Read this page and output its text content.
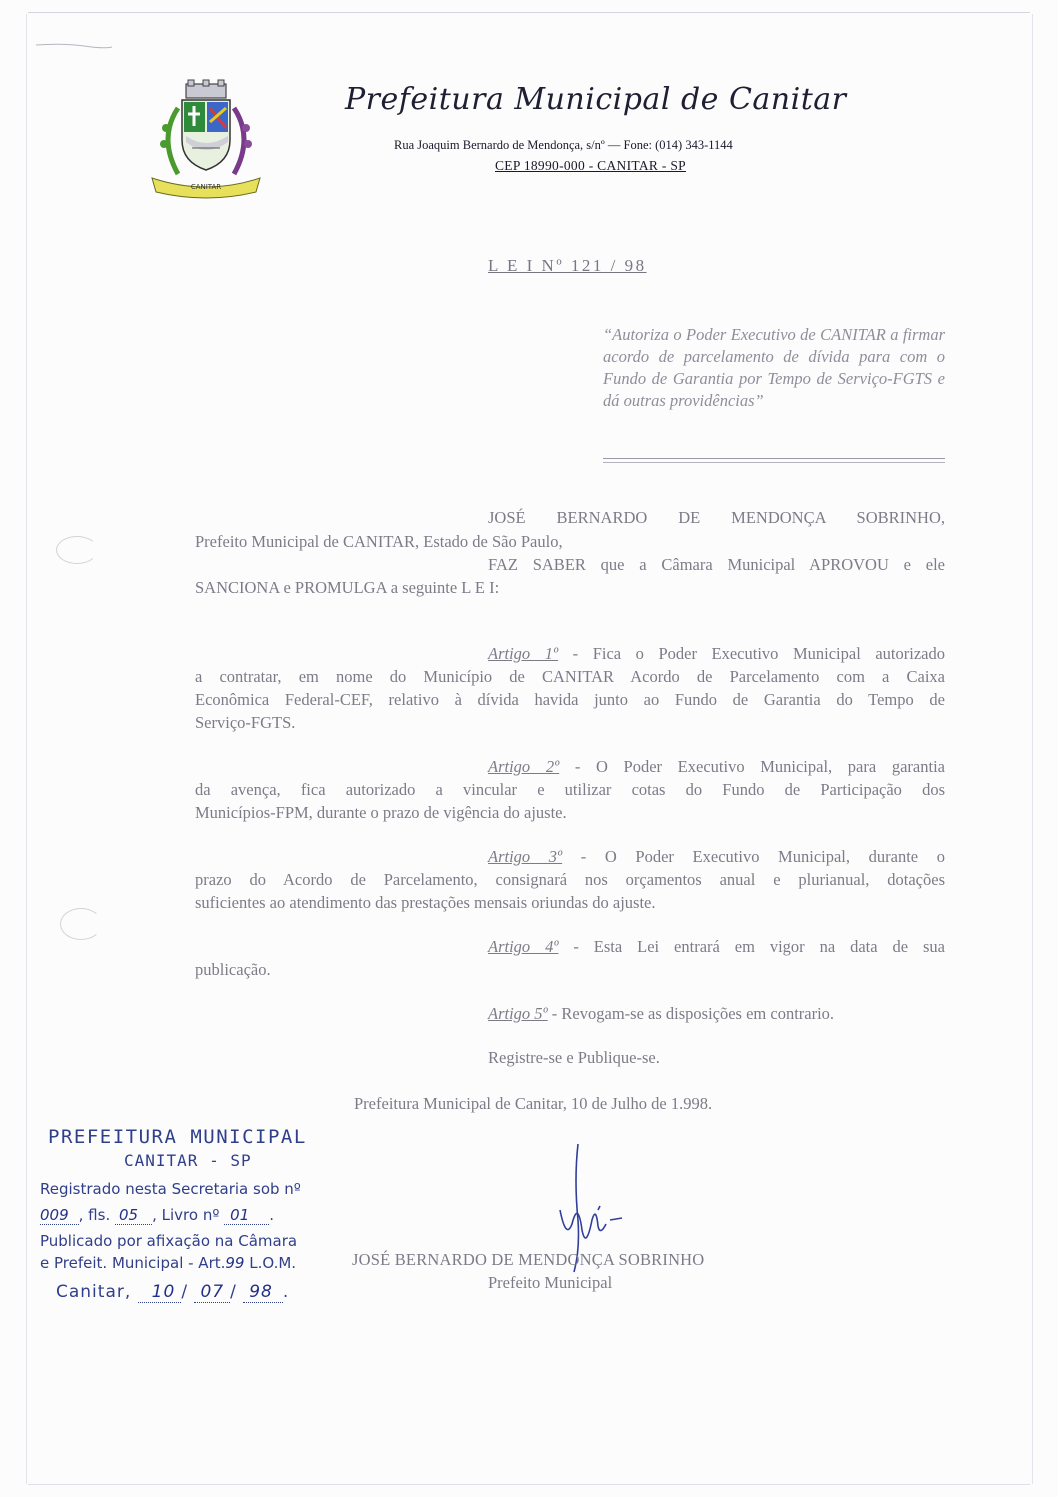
CANITAR
Prefeitura Municipal de Canitar
Rua Joaquim Bernardo de Mendonça, s/nº — Fone: (014) 343-1144
CEP 18990-000 - CANITAR - SP
L E I Nº 121 / 98
“Autoriza o Poder Executivo de CANITAR a firmar acordo de parcelamento de dívida para com o Fundo de Garantia por Tempo de Serviço-FGTS e dá outras providências”
JOSÉ BERNARDO DE MENDONÇA SOBRINHO,
Prefeito Municipal de CANITAR, Estado de São Paulo,
FAZ SABER que a Câmara Municipal APROVOU e ele
SANCIONA e PROMULGA a seguinte L E I:
Artigo 1º - Fica o Poder Executivo Municipal autorizado
a contratar, em nome do Município de CANITAR Acordo de Parcelamento com a Caixa
Econômica Federal-CEF, relativo à dívida havida junto ao Fundo de Garantia do Tempo de
Serviço-FGTS.
Artigo 2º - O Poder Executivo Municipal, para garantia
da avença, fica autorizado a vincular e utilizar cotas do Fundo de Participação dos
Municípios-FPM, durante o prazo de vigência do ajuste.
Artigo 3º - O Poder Executivo Municipal, durante o
prazo do Acordo de Parcelamento, consignará nos orçamentos anual e plurianual, dotações
suficientes ao atendimento das prestações mensais oriundas do ajuste.
Artigo 4º - Esta Lei entrará em vigor na data de sua
publicação.
Artigo 5º - Revogam-se as disposições em contrario.
Registre-se e Publique-se.
Prefeitura Municipal de Canitar, 10 de Julho de 1.998.
JOSÉ BERNARDO DE MENDONÇA SOBRINHO
Prefeito Municipal
PREFEITURA MUNICIPAL
CANITAR - SP
Registrado nesta Secretaria sob nº
009 , fls. 05 , Livro nº 01 .
Publicado por afixação na Câmara
e Prefeit. Municipal - Art.99 L.O.M.
Canitar, 10 / 07 / 98 .
